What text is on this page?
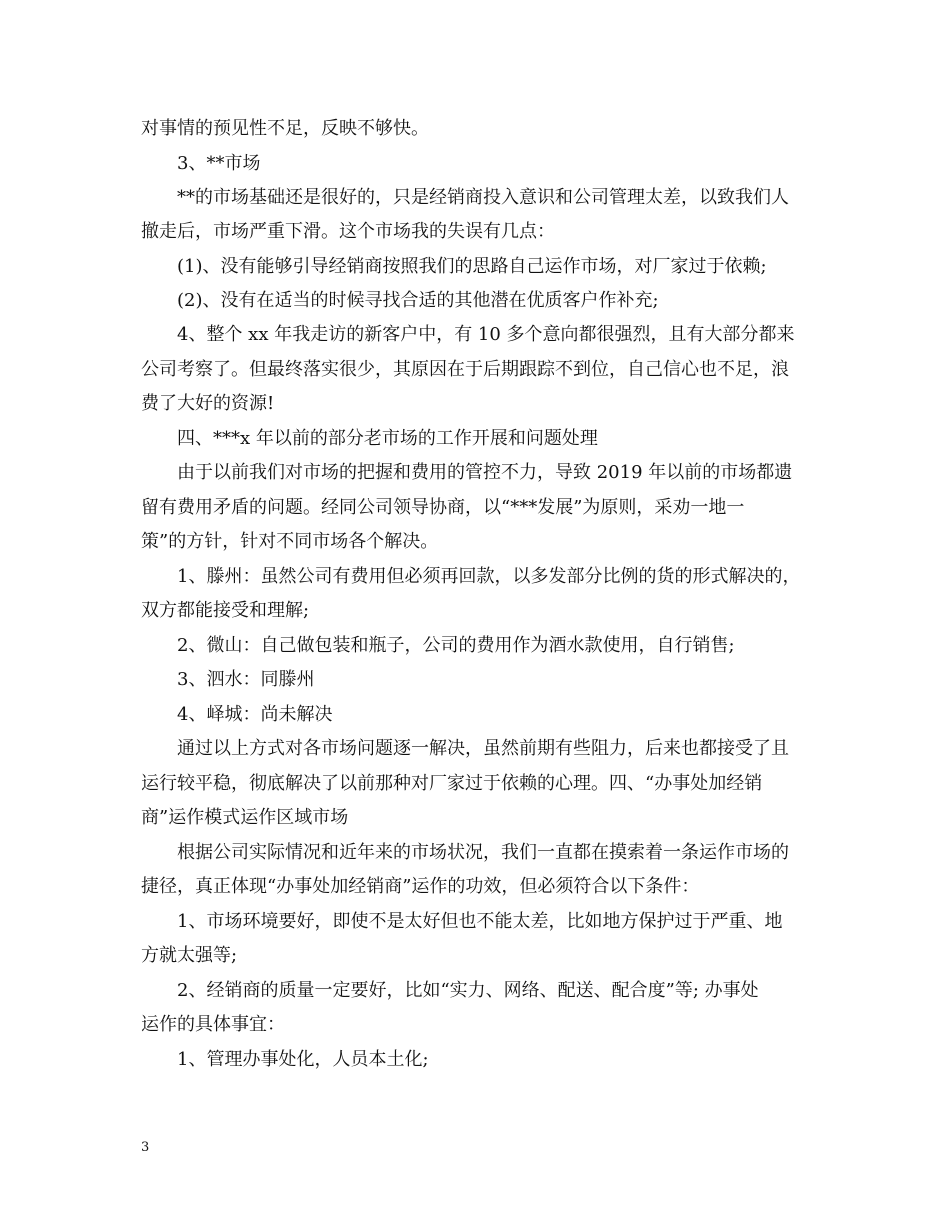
对事情的预见性不足，反映不够快。
3、**市场
**的市场基础还是很好的，只是经销商投入意识和公司管理太差，以致我们人
撤走后，市场严重下滑。这个市场我的失误有几点：
(1)、没有能够引导经销商按照我们的思路自己运作市场，对厂家过于依赖;
(2)、没有在适当的时候寻找合适的其他潜在优质客户作补充;
4、整个 xx 年我走访的新客户中，有 10 多个意向都很强烈，且有大部分都来
公司考察了。但最终落实很少，其原因在于后期跟踪不到位，自己信心也不足，浪
费了大好的资源!
四、***x 年以前的部分老市场的工作开展和问题处理
由于以前我们对市场的把握和费用的管控不力，导致 2019 年以前的市场都遗
留有费用矛盾的问题。经同公司领导协商，以“***发展”为原则，采劝一地一
策”的方针，针对不同市场各个解决。
1、滕州：虽然公司有费用但必须再回款，以多发部分比例的货的形式解决的，
双方都能接受和理解;
2、微山：自己做包装和瓶子，公司的费用作为酒水款使用，自行销售;
3、泗水：同滕州
4、峄城：尚未解决
通过以上方式对各市场问题逐一解决，虽然前期有些阻力，后来也都接受了且
运行较平稳，彻底解决了以前那种对厂家过于依赖的心理。四、“办事处加经销
商”运作模式运作区域市场
根据公司实际情况和近年来的市场状况，我们一直都在摸索着一条运作市场的
捷径，真正体现“办事处加经销商”运作的功效，但必须符合以下条件：
1、市场环境要好，即使不是太好但也不能太差，比如地方保护过于严重、地
方就太强等;
2、经销商的质量一定要好，比如“实力、网络、配送、配合度”等; 办事处
运作的具体事宜：
1、管理办事处化，人员本土化;
3
